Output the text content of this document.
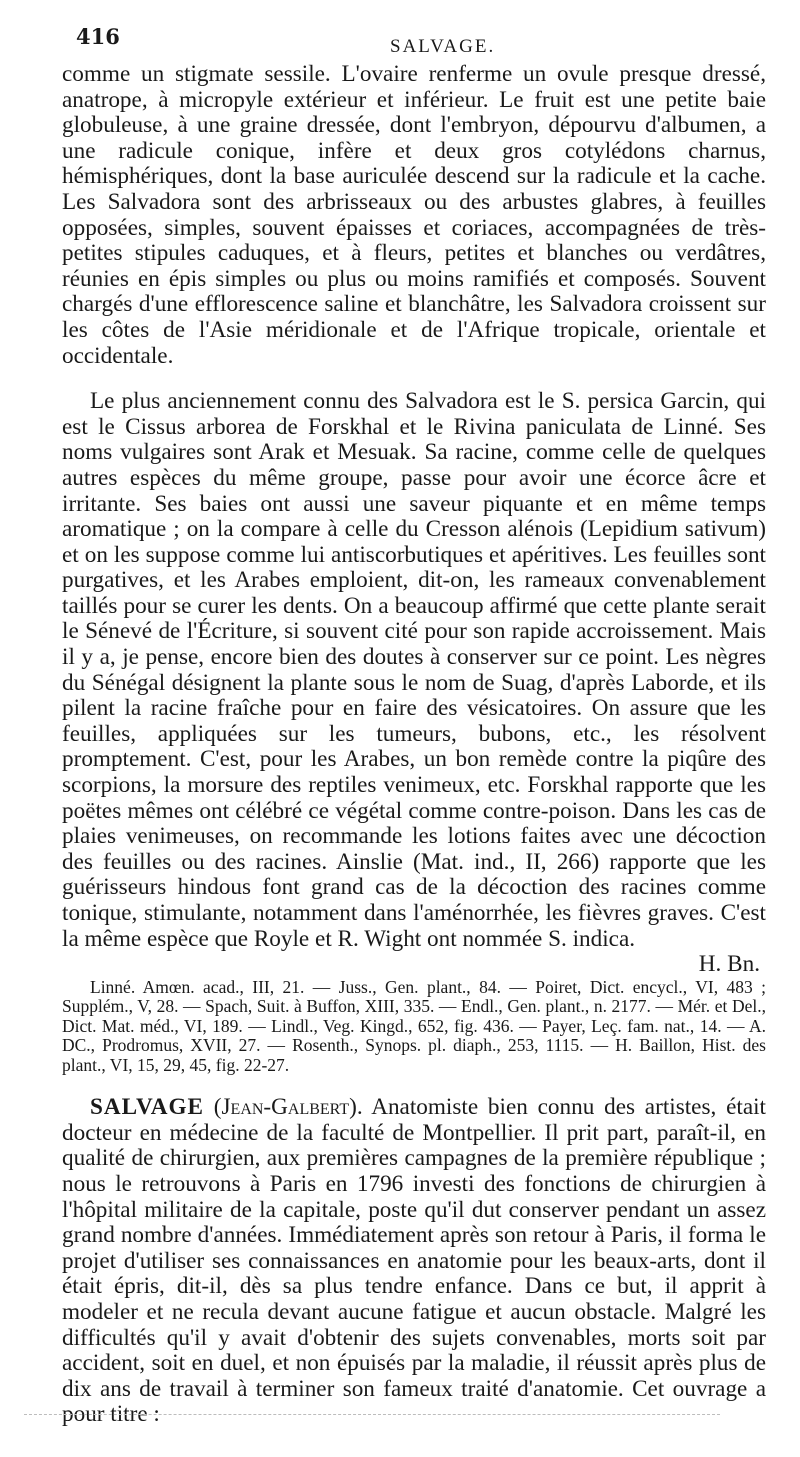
416	SALVAGE.

comme un stigmate sessile. L'ovaire renferme un ovule presque dressé, anatrope, à micropyle extérieur et inférieur. Le fruit est une petite baie globuleuse, à une graine dressée, dont l'embryon, dépourvu d'albumen, a une radicule conique, infère et deux gros cotylédons charnus, hémisphériques, dont la base auriculée descend sur la radicule et la cache. Les Salvadora sont des arbrisseaux ou des arbustes glabres, à feuilles opposées, simples, souvent épaisses et coriaces, accompagnées de très-petites stipules caduques, et à fleurs, petites et blanches ou verdâtres, réunies en épis simples ou plus ou moins ramifiés et composés. Souvent chargés d'une efflorescence saline et blanchâtre, les Salvadora croissent sur les côtes de l'Asie méridionale et de l'Afrique tropicale, orientale et occidentale.

Le plus anciennement connu des Salvadora est le S. persica Garcin, qui est le Cissus arborea de Forskhal et le Rivina paniculata de Linné. Ses noms vulgaires sont Arak et Mesuak. Sa racine, comme celle de quelques autres espèces du même groupe, passe pour avoir une écorce âcre et irritante. Ses baies ont aussi une saveur piquante et en même temps aromatique ; on la compare à celle du Cresson alénois (Lepidium sativum) et on les suppose comme lui antiscorbutiques et apéritives. Les feuilles sont purgatives, et les Arabes emploient, dit-on, les rameaux convenablement taillés pour se curer les dents. On a beaucoup affirmé que cette plante serait le Sénevé de l'Écriture, si souvent cité pour son rapide accroissement. Mais il y a, je pense, encore bien des doutes à conserver sur ce point. Les nègres du Sénégal désignent la plante sous le nom de Suag, d'après Laborde, et ils pilent la racine fraîche pour en faire des vésicatoires. On assure que les feuilles, appliquées sur les tumeurs, bubons, etc., les résolvent promptement. C'est, pour les Arabes, un bon remède contre la piqûre des scorpions, la morsure des reptiles venimeux, etc. Forskhal rapporte que les poëtes mêmes ont célébré ce végétal comme contre-poison. Dans les cas de plaies venimeuses, on recommande les lotions faites avec une décoction des feuilles ou des racines. Ainslie (Mat. ind., II, 266) rapporte que les guérisseurs hindous font grand cas de la décoction des racines comme tonique, stimulante, notamment dans l'aménorrhée, les fièvres graves. C'est la même espèce que Royle et R. Wight ont nommée S. indica.

H. Bn.

Linné. Amœn. acad., III, 21. — Juss., Gen. plant., 84. — Poiret, Dict. encycl., VI, 483 ; Supplém., V, 28. — Spach, Suit. à Buffon, XIII, 335. — Endl., Gen. plant., n. 2177. — Mér. et Del., Dict. Mat. méd., VI, 189. — Lindl., Veg. Kingd., 652, fig. 436. — Payer, Leç. fam. nat., 14. — A. DC., Prodromus, XVII, 27. — Rosenth., Synops. pl. diaph., 253, 1115. — H. Baillon, Hist. des plant., VI, 15, 29, 45, fig. 22-27.

SALVAGE (Jean-Galbert). Anatomiste bien connu des artistes, était docteur en médecine de la faculté de Montpellier. Il prit part, paraît-il, en qualité de chirurgien, aux premières campagnes de la première république ; nous le retrouvons à Paris en 1796 investi des fonctions de chirurgien à l'hôpital militaire de la capitale, poste qu'il dut conserver pendant un assez grand nombre d'années. Immédiatement après son retour à Paris, il forma le projet d'utiliser ses connaissances en anatomie pour les beaux-arts, dont il était épris, dit-il, dès sa plus tendre enfance. Dans ce but, il apprit à modeler et ne recula devant aucune fatigue et aucun obstacle. Malgré les difficultés qu'il y avait d'obtenir des sujets convenables, morts soit par accident, soit en duel, et non épuisés par la maladie, il réussit après plus de dix ans de travail à terminer son fameux traité d'anatomie. Cet ouvrage a pour titre :
